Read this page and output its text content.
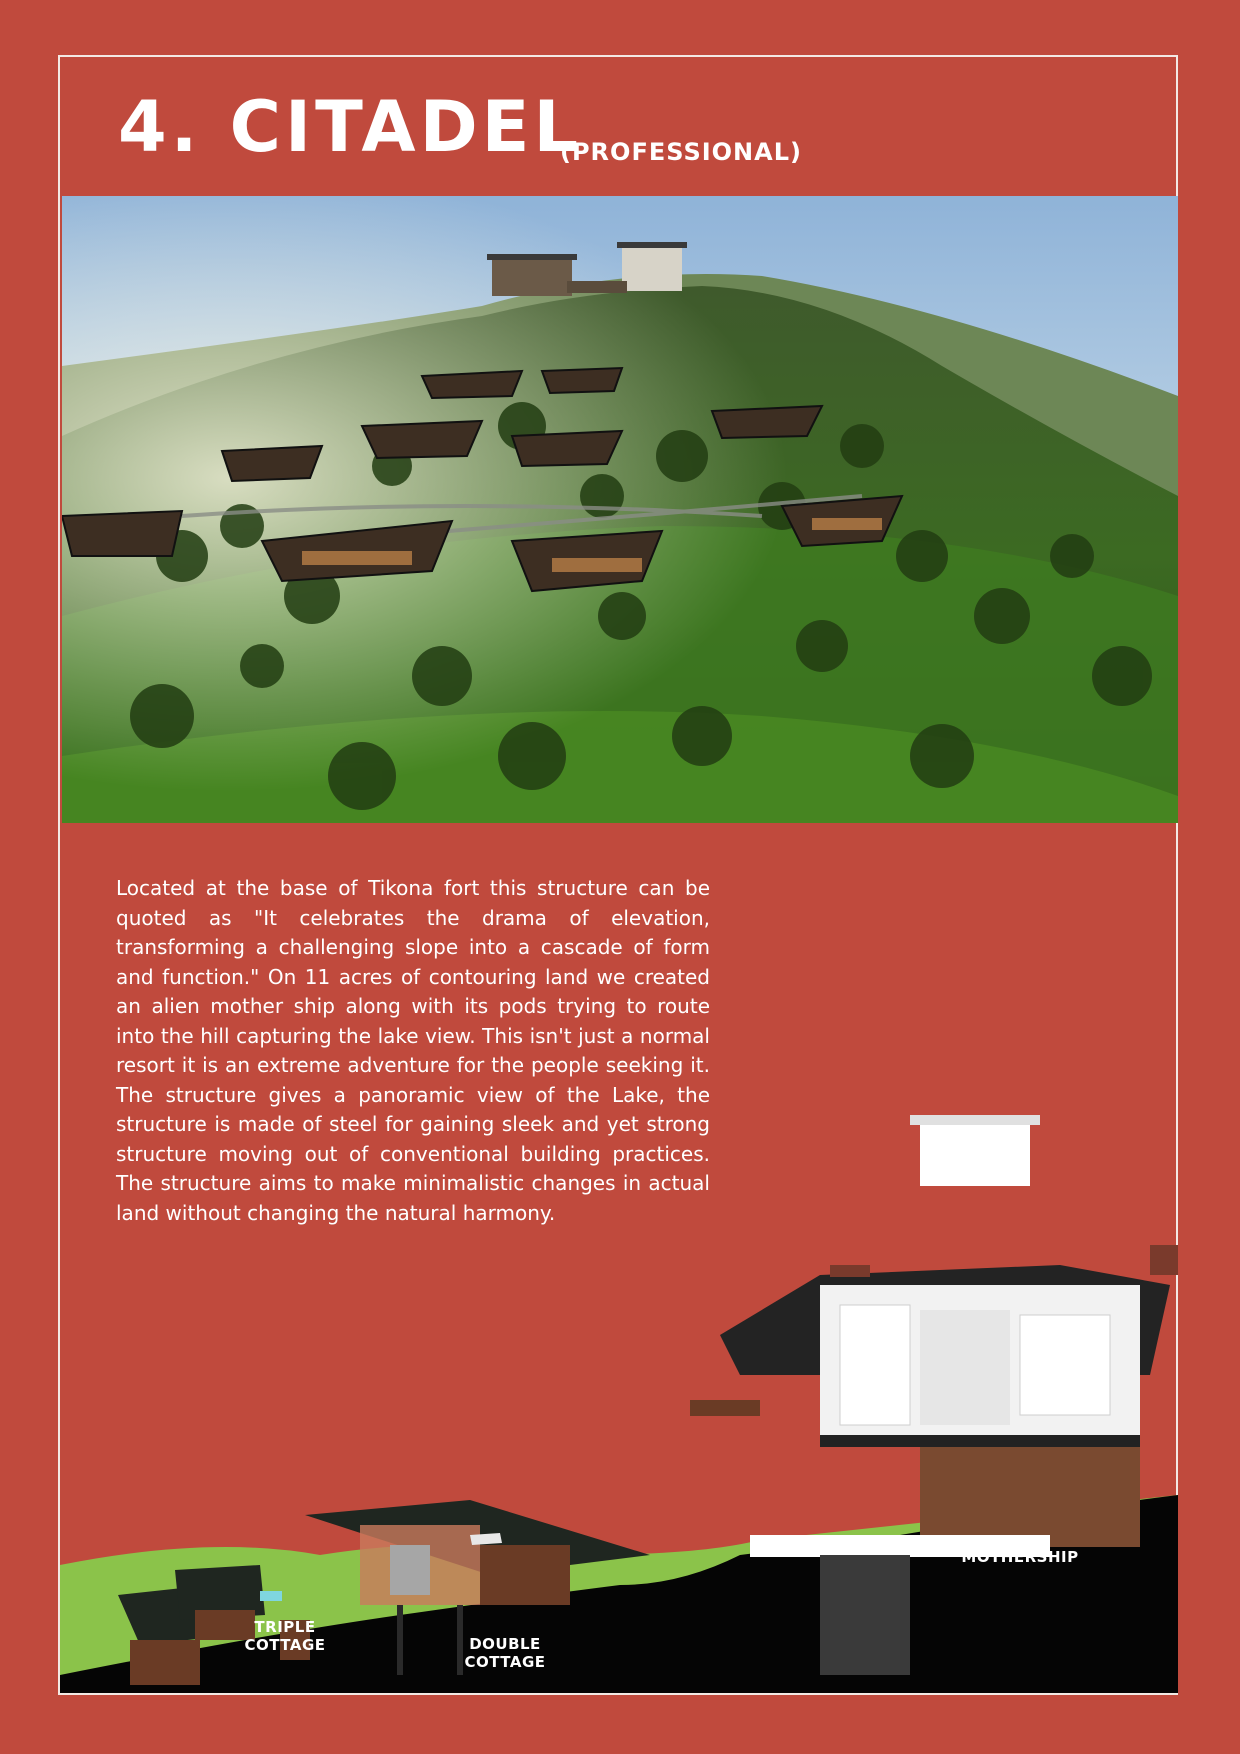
4. CITADEL
(PROFESSIONAL)
Located at the base of Tikona fort this structure can be quoted as "It celebrates the drama of elevation, transforming a challenging slope into a cascade of form and function." On 11 acres of contouring land we created an alien mother ship along with its pods trying to route into the hill capturing the lake view. This isn't just a normal resort it is an extreme adventure for the people seeking it. The structure gives a panoramic view of the Lake, the structure is made of steel for gaining sleek and yet strong structure moving out of conventional building practices. The structure aims to make minimalistic changes in actual land without changing the natural harmony.
TRIPLE
COTTAGE	DOUBLE
COTTAGE
MOTHERSHIP
